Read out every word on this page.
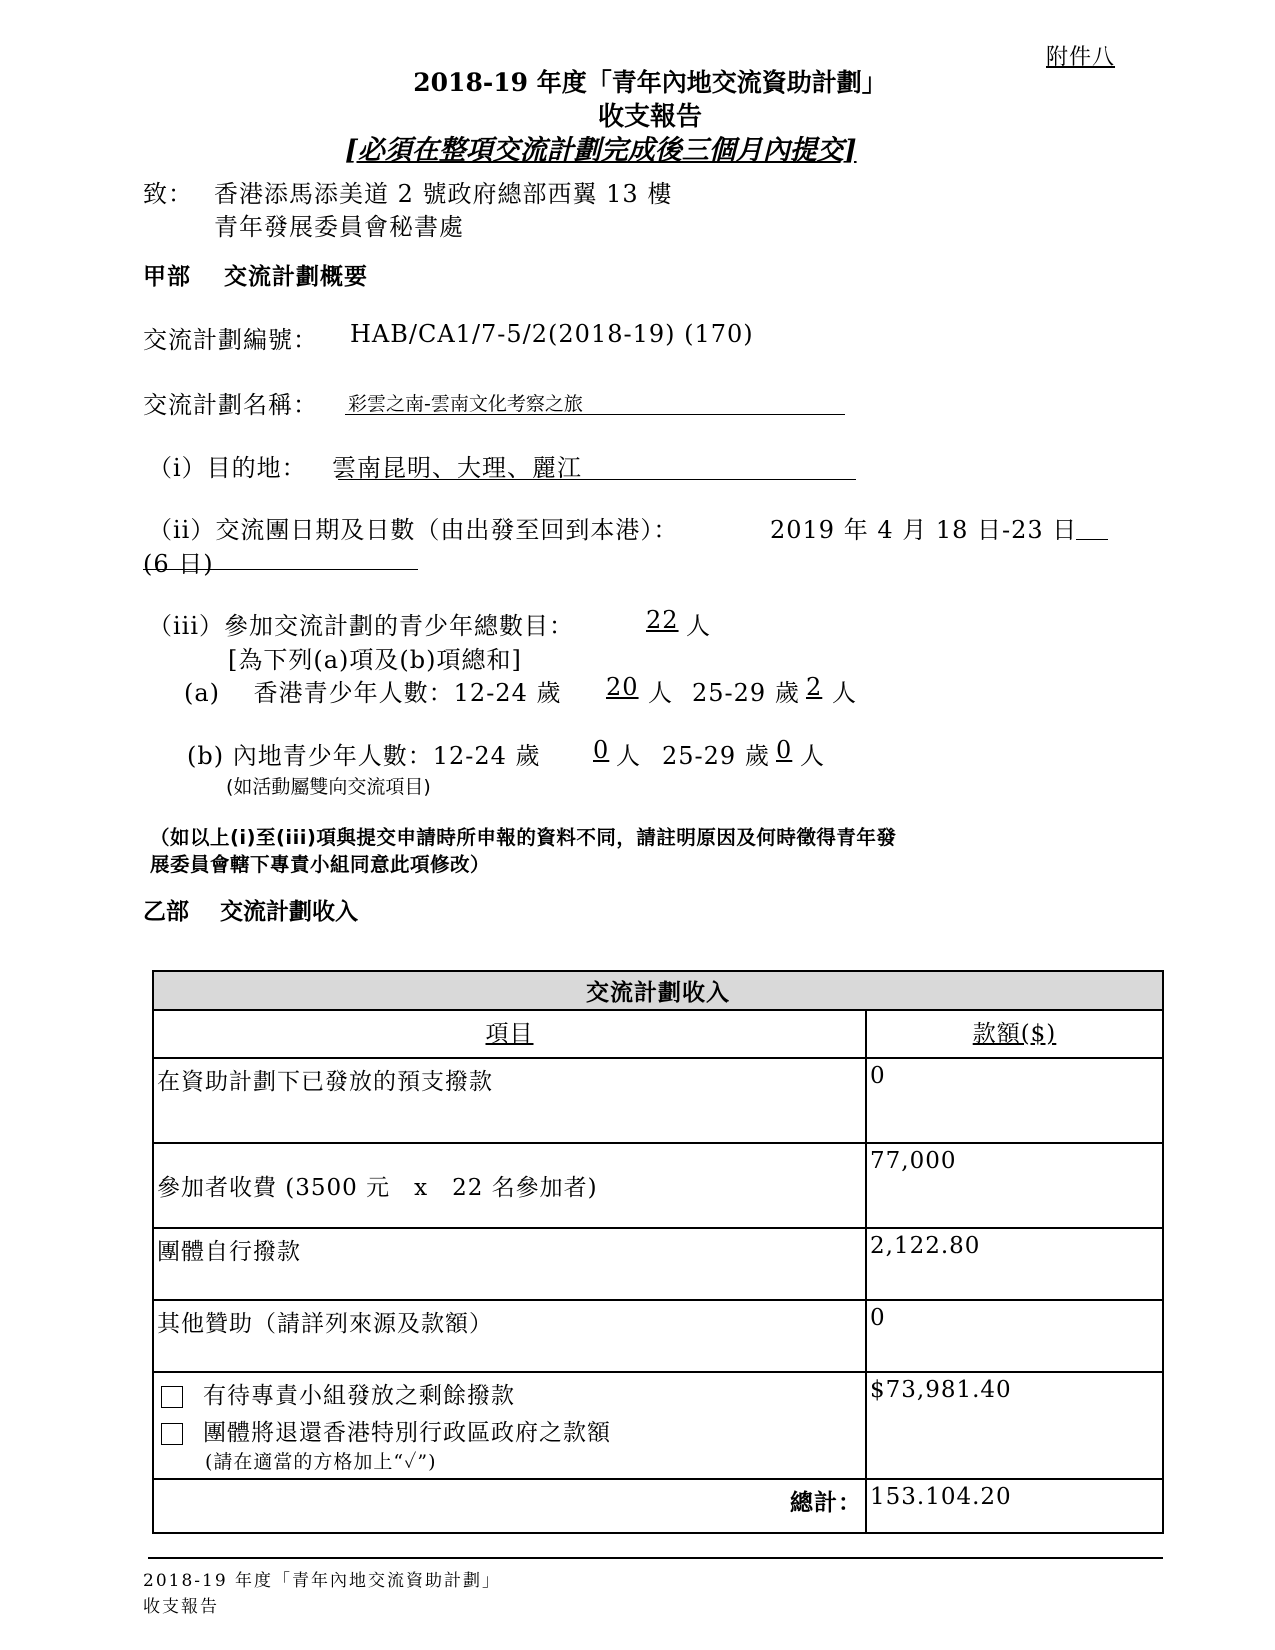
附件八
2018-19 年度「青年內地交流資助計劃」
收支報告
[必須在整項交流計劃完成後三個月內提交]
致： 香港添馬添美道 2 號政府總部西翼 13 樓
青年發展委員會秘書處
甲部　 交流計劃概要
交流計劃編號： HAB/CA1/7-5/2(2018-19) (170)
交流計劃名稱： 彩雲之南-雲南文化考察之旅
（i）目的地： 雲南昆明、大理、麗江
（ii）交流團日期及日數（由出發至回到本港）：	2019 年 4 月 18 日-23 日
(6 日)
（iii）參加交流計劃的青少年總數目：	22 人
[為下列(a)項及(b)項總和]
(a)　 香港青少年人數：12-24 歲 20 人 25-29 歲 2 人
(b) 內地青少年人數：12-24 歲 0 人 25-29 歲 0 人
(如活動屬雙向交流項目)
（如以上(i)至(iii)項與提交申請時所申報的資料不同，請註明原因及何時徵得青年發
展委員會轄下專責小組同意此項修改）
乙部　 交流計劃收入
交流計劃收入	
項目	款額($)
在資助計劃下已發放的預支撥款	0
參加者收費 (3500 元　x　22 名參加者)	77,000
團體自行撥款	2,122.80
其他贊助（請詳列來源及款額）	0

有待專責小組發放之剩餘撥款
團體將退還香港特別行政區政府之款額
(請在適當的方格加上“✓”)	$73,981.40
總計：	153.104.20
2018-19 年度「青年內地交流資助計劃」
收支報告
